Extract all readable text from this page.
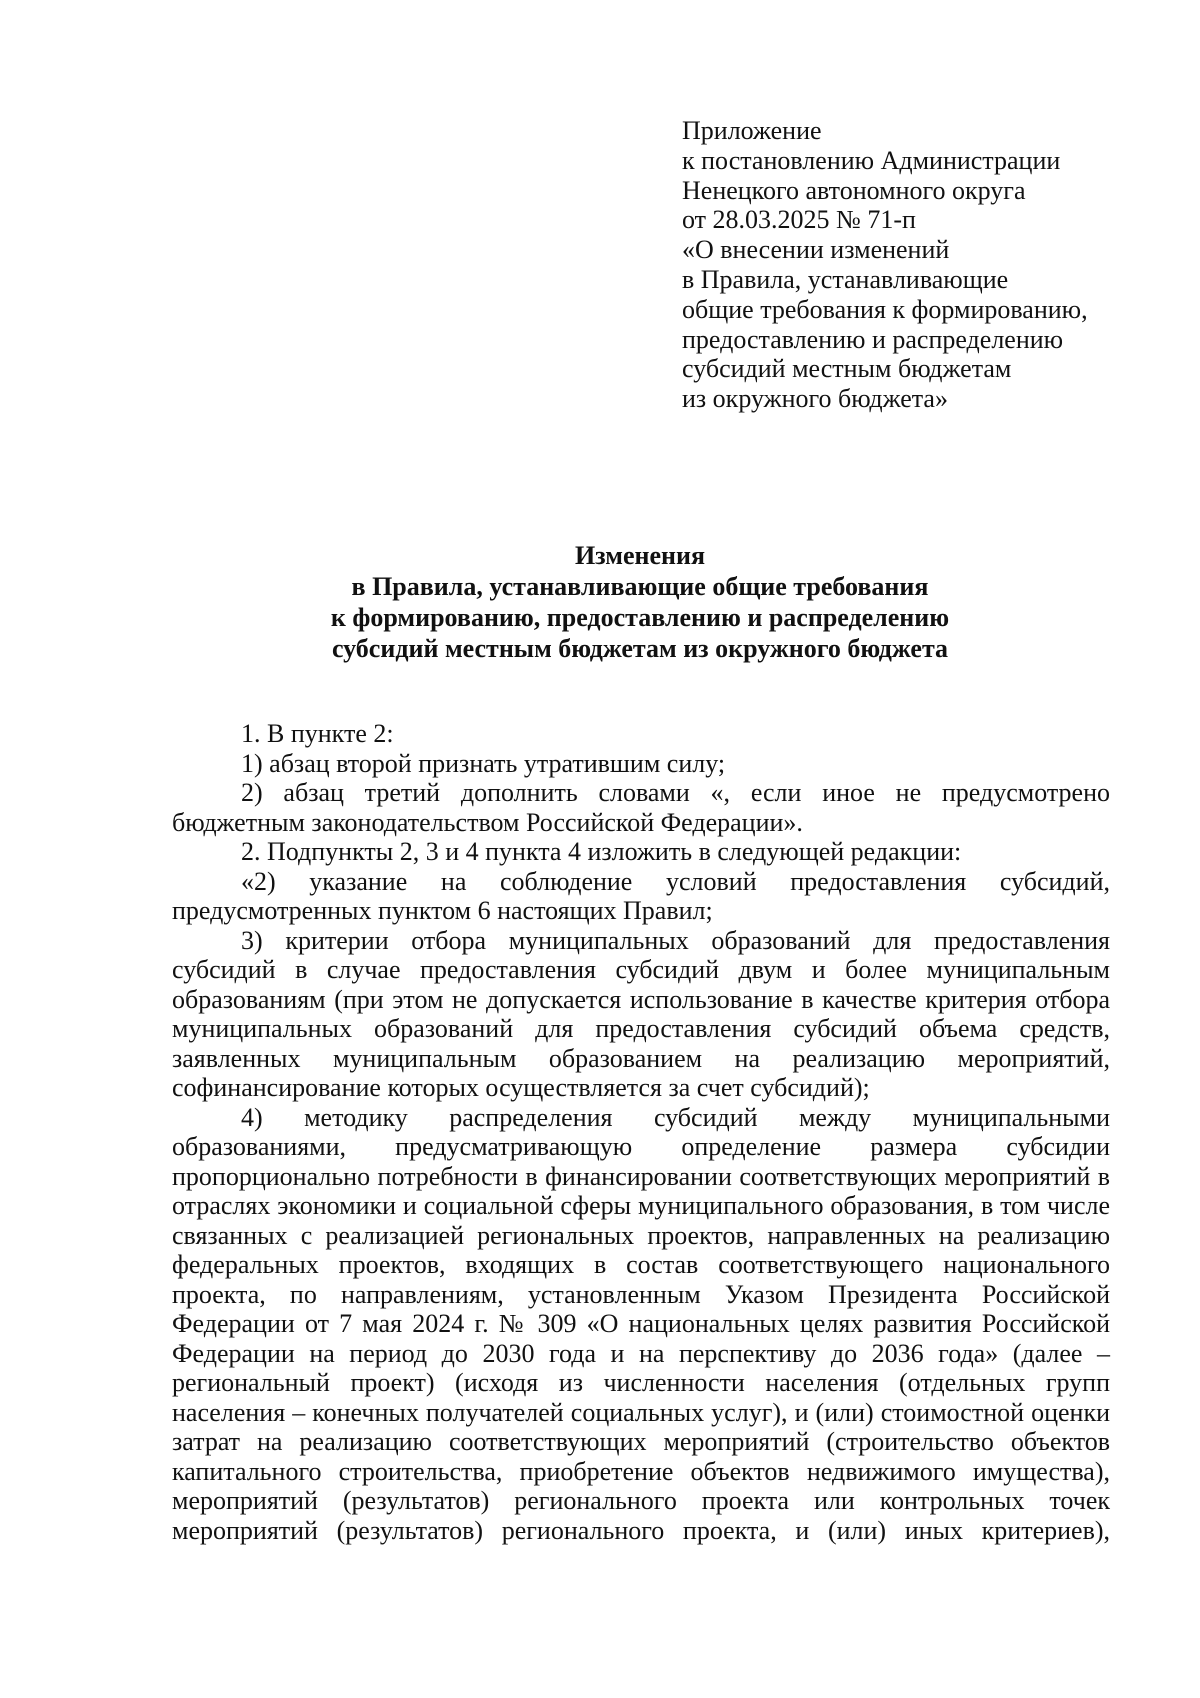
Приложение
к постановлению Администрации
Ненецкого автономного округа
от 28.03.2025 № 71-п
«О внесении изменений
в Правила, устанавливающие
общие требования к формированию,
предоставлению и распределению
субсидий местным бюджетам
из окружного бюджета»
Изменения
в Правила, устанавливающие общие требования
к формированию, предоставлению и распределению
субсидий местным бюджетам из окружного бюджета

1. В пункте 2:

1) абзац второй признать утратившим силу;

2) абзац третий дополнить словами «, если иное не предусмотрено бюджетным законодательством Российской Федерации».

2. Подпункты 2, 3 и 4 пункта 4 изложить в следующей редакции:

«2) указание на соблюдение условий предоставления субсидий, предусмотренных пунктом 6 настоящих Правил;

3) критерии отбора муниципальных образований для предоставления субсидий в случае предоставления субсидий двум и более муниципальным образованиям (при этом не допускается использование в качестве критерия отбора муниципальных образований для предоставления субсидий объема средств, заявленных муниципальным образованием на реализацию мероприятий, софинансирование которых осуществляется за счет субсидий);

4) методику распределения субсидий между муниципальными образованиями, предусматривающую определение размера субсидии пропорционально потребности в финансировании соответствующих мероприятий в отраслях экономики и социальной сферы муниципального образования, в том числе связанных с реализацией региональных проектов, направленных на реализацию федеральных проектов, входящих в состав соответствующего национального проекта, по направлениям, установленным Указом Президента Российской Федерации от 7 мая 2024 г. № 309 «О национальных целях развития Российской Федерации на период до 2030 года и на перспективу до 2036 года» (далее – региональный проект) (исходя из численности населения (отдельных групп населения – конечных получателей социальных услуг), и (или) стоимостной оценки затрат на реализацию соответствующих мероприятий (строительство объектов капитального строительства, приобретение объектов недвижимого имущества), мероприятий (результатов) регионального проекта или контрольных точек мероприятий (результатов) регионального проекта, и (или) иных критериев),
